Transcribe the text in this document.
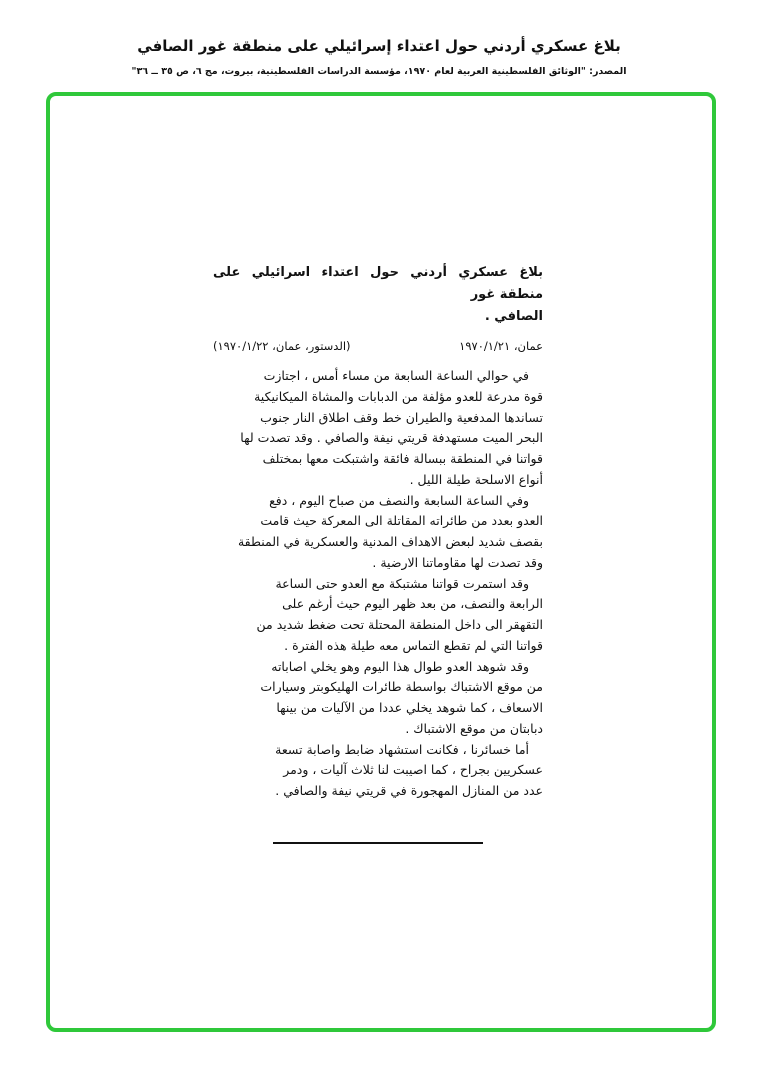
بلاغ عسكري أردني حول اعتداء إسرائيلي على منطقة غور الصافي
المصدر: "الوثائق الفلسطينية العربية لعام ١٩٧٠، مؤسسة الدراسات الفلسطينية، بيروت، مج ٦، ص ٣٥ ــ ٣٦"
بلاغ عسكري أردني حول اعتداء اسرائيلي على منطقة غور
الصافي .
عمان، ١٩٧٠/١/٢١
(الدستور، عمان، ١٩٧٠/١/٢٢)
في حوالي الساعة السابعة من مساء أمس ، اجتازت
قوة مدرعة للعدو مؤلفة من الدبابات والمشاة الميكانيكية
تساندها المدفعية والطيران خط وقف اطلاق النار جنوب
البحر الميت مستهدفة قريتي نيفة والصافي . وقد تصدت لها
قواتنا في المنطقة ببسالة فائقة واشتبكت معها بمختلف
أنواع الاسلحة طيلة الليل .
وفي الساعة السابعة والنصف من صباح اليوم ، دفع
العدو بعدد من طائراته المقاتلة الى المعركة حيث قامت
بقصف شديد لبعض الاهداف المدنية والعسكرية في المنطقة
وقد تصدت لها مقاوماتنا الارضية .
وقد استمرت قواتنا مشتبكة مع العدو حتى الساعة
الرابعة والنصف، من بعد ظهر اليوم حيث أرغم على
التقهقر الى داخل المنطقة المحتلة تحت ضغط شديد من
قواتنا التي لم تقطع التماس معه طيلة هذه الفترة .
وقد شوهد العدو طوال هذا اليوم وهو يخلي اصاباته
من موقع الاشتباك بواسطة طائرات الهليكوبتر وسيارات
الاسعاف ، كما شوهد يخلي عددا من الآليات من بينها
دبابتان من موقع الاشتباك .
أما خسائرنا ، فكانت استشهاد ضابط واصابة تسعة
عسكريين بجراح ، كما اصيبت لنا ثلاث آليات ، ودمر
عدد من المنازل المهجورة في قريتي نيفة والصافي .
